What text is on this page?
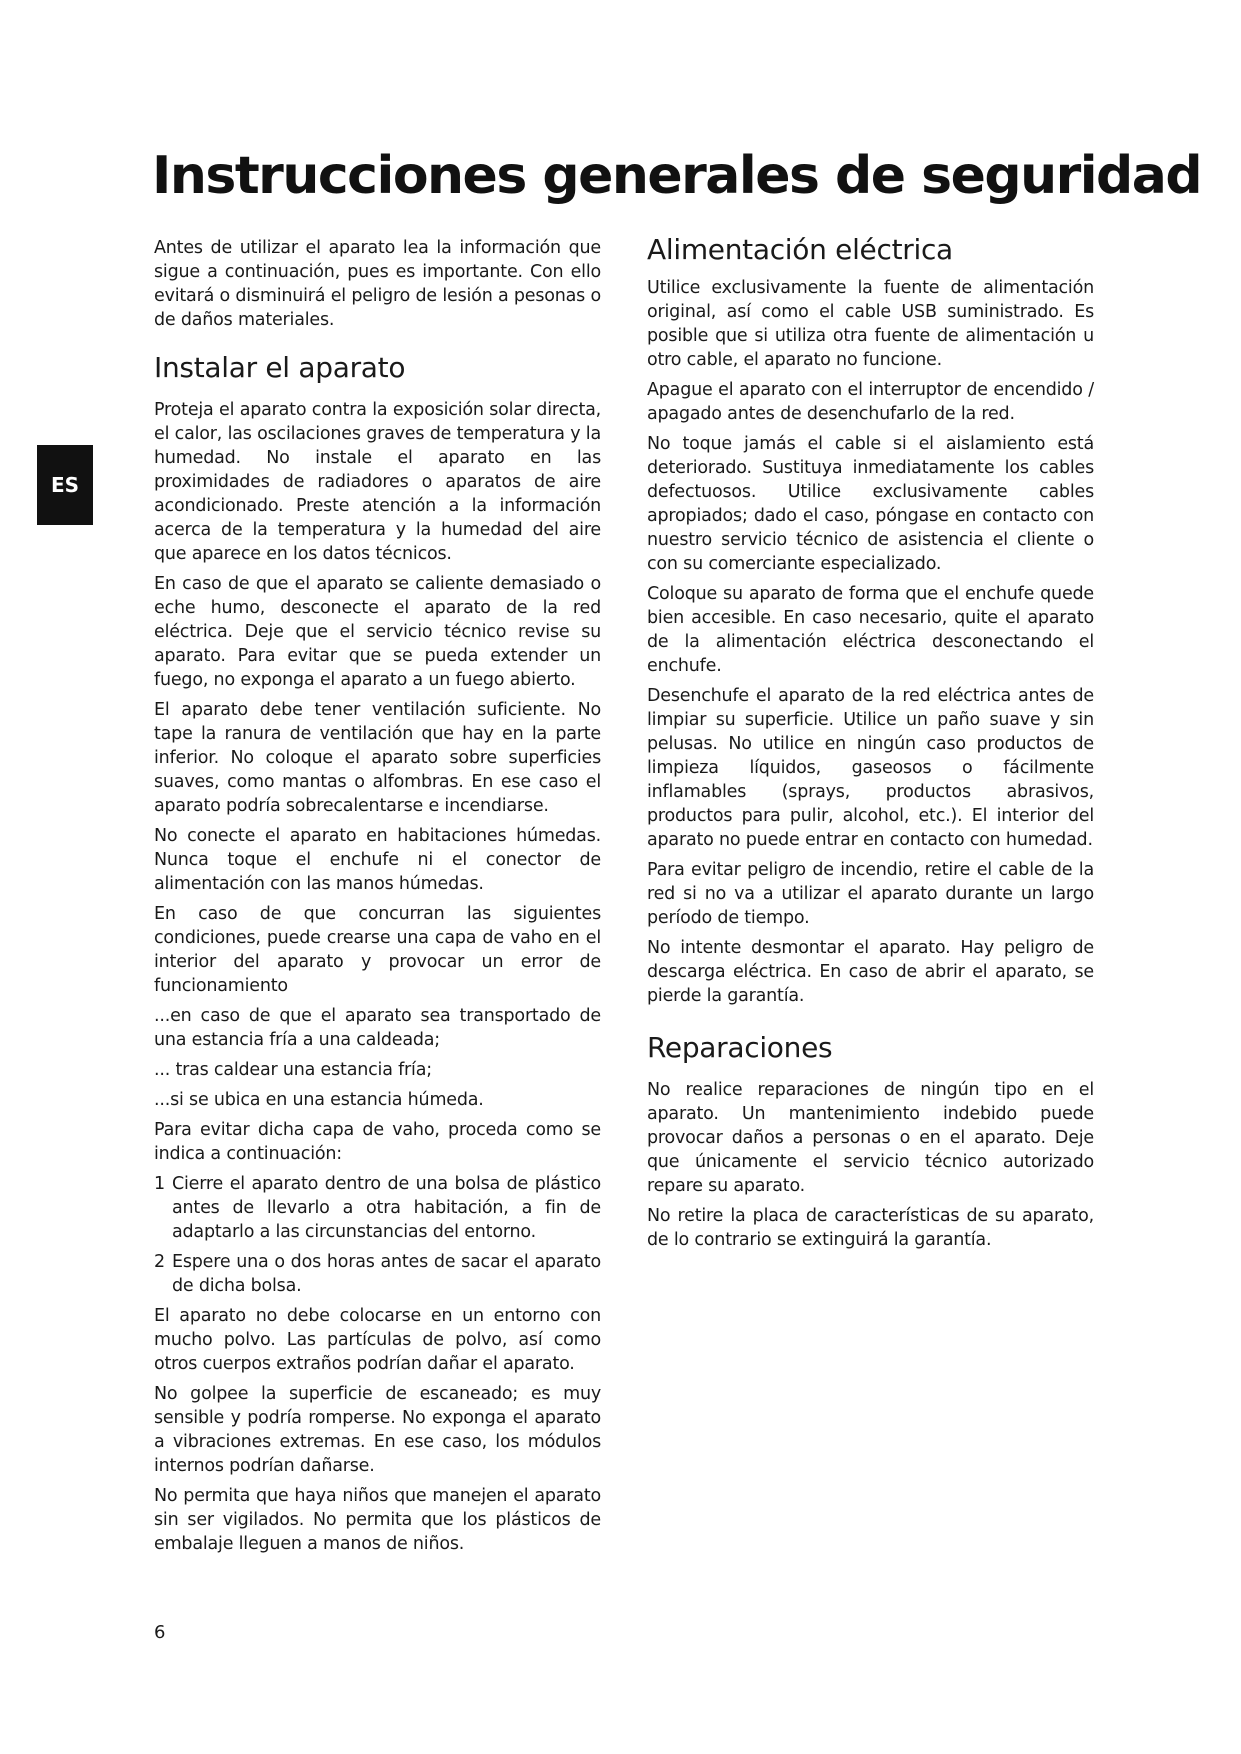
Instrucciones generales de seguridad
ES

Antes de utilizar el aparato lea la información que sigue a continuación, pues es importante. Con ello evitará o disminuirá el peligro de lesión a pesonas o de daños materiales.

Instalar el aparato

Proteja el aparato contra la exposición solar directa, el calor, las oscilaciones graves de temperatura y la humedad. No instale el aparato en las proximidades de radiadores o aparatos de aire acondicionado. Preste atención a la información acerca de la temperatura y la humedad del aire que aparece en los datos técnicos.

En caso de que el aparato se caliente demasiado o eche humo, desconecte el aparato de la red eléctrica. Deje que el servicio técnico revise su aparato. Para evitar que se pueda extender un fuego, no exponga el aparato a un fuego abierto.

El aparato debe tener ventilación suficiente. No tape la ranura de ventilación que hay en la parte inferior. No coloque el aparato sobre superficies suaves, como mantas o alfombras. En ese caso el aparato podría sobrecalentarse e incendiarse.

No conecte el aparato en habitaciones húmedas. Nunca toque el enchufe ni el conector de alimentación con las manos húmedas.

En caso de que concurran las siguientes condiciones, puede crearse una capa de vaho en el interior del aparato y provocar un error de funcionamiento

...en caso de que el aparato sea transportado de una estancia fría a una caldeada;

... tras caldear una estancia fría;

...si se ubica en una estancia húmeda.

Para evitar dicha capa de vaho, proceda como se indica a continuación:

1 Cierre el aparato dentro de una bolsa de plástico antes de llevarlo a otra habitación, a fin de adaptarlo a las circunstancias del entorno.
2 Espere una o dos horas antes de sacar el aparato de dicha bolsa.

El aparato no debe colocarse en un entorno con mucho polvo. Las partículas de polvo, así como otros cuerpos extraños podrían dañar el aparato.

No golpee la superficie de escaneado; es muy sensible y podría romperse. No exponga el aparato a vibraciones extremas. En ese caso, los módulos internos podrían dañarse.

No permita que haya niños que manejen el aparato sin ser vigilados. No permita que los plásticos de embalaje lleguen a manos de niños.

Alimentación eléctrica

Utilice exclusivamente la fuente de alimentación original, así como el cable USB suministrado. Es posible que si utiliza otra fuente de alimentación u otro cable, el aparato no funcione.

Apague el aparato con el interruptor de encendido / apagado antes de desenchufarlo de la red.

No toque jamás el cable si el aislamiento está deteriorado. Sustituya inmediatamente los cables defectuosos. Utilice exclusivamente cables apropiados; dado el caso, póngase en contacto con nuestro servicio técnico de asistencia el cliente o con su comerciante especializado.

Coloque su aparato de forma que el enchufe quede bien accesible. En caso necesario, quite el aparato de la alimentación eléctrica desconectando el enchufe.

Desenchufe el aparato de la red eléctrica antes de limpiar su superficie. Utilice un paño suave y sin pelusas. No utilice en ningún caso productos de limpieza líquidos, gaseosos o fácilmente inflamables (sprays, productos abrasivos, productos para pulir, alcohol, etc.). El interior del aparato no puede entrar en contacto con humedad.

Para evitar peligro de incendio, retire el cable de la red si no va a utilizar el aparato durante un largo período de tiempo.

No intente desmontar el aparato. Hay peligro de descarga eléctrica. En caso de abrir el aparato, se pierde la garantía.

Reparaciones

No realice reparaciones de ningún tipo en el aparato. Un mantenimiento indebido puede provocar daños a personas o en el aparato. Deje que únicamente el servicio técnico autorizado repare su aparato.

No retire la placa de características de su aparato, de lo contrario se extinguirá la garantía.

6
